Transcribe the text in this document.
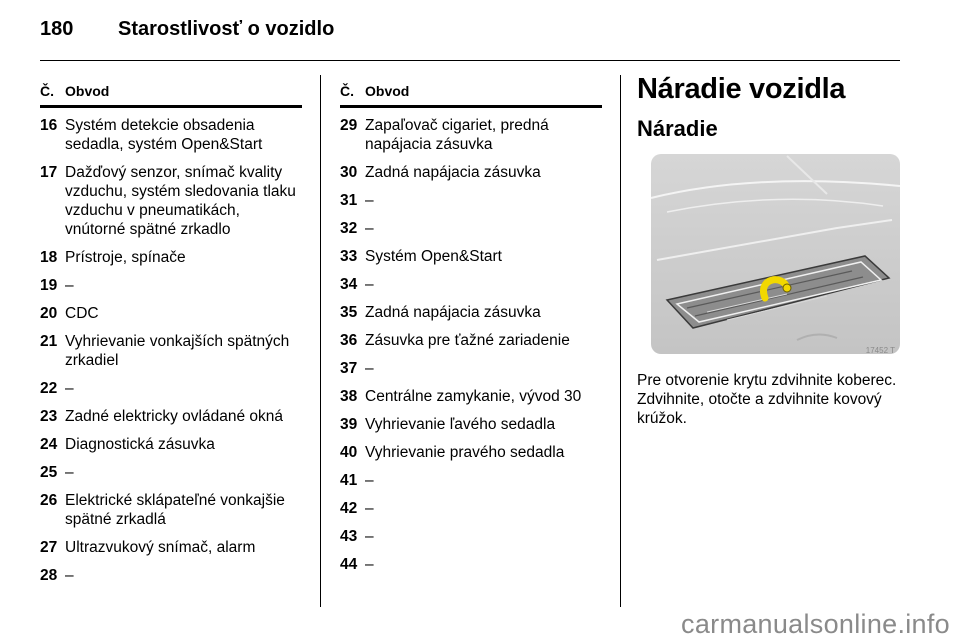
180 Starostlivosť o vozidlo
Č. Obvod
16 Systém detekcie obsadenia sedadla, systém Open&Start
17 Dažďový senzor, snímač kvality vzduchu, systém sledovania tlaku vzduchu v pneumatikách, vnútorné spätné zrkadlo
18 Prístroje, spínače
19 –
20 CDC
21 Vyhrievanie vonkajších spätných zrkadiel
22 –
23 Zadné elektricky ovládané okná
24 Diagnostická zásuvka
25 –
26 Elektrické sklápateľné vonkajšie spätné zrkadlá
27 Ultrazvukový snímač, alarm
28 –
Č. Obvod
29 Zapaľovač cigariet, predná napájacia zásuvka
30 Zadná napájacia zásuvka
31 –
32 –
33 Systém Open&Start
34 –
35 Zadná napájacia zásuvka
36 Zásuvka pre ťažné zariadenie
37 –
38 Centrálne zamykanie, vývod 30
39 Vyhrievanie ľavého sedadla
40 Vyhrievanie pravého sedadla
41 –
42 –
43 –
44 –
Náradie vozidla
Náradie
17452 T
Pre otvorenie krytu zdvihnite koberec. Zdvihnite, otočte a zdvihnite kovový krúžok.
carmanualsonline.info
